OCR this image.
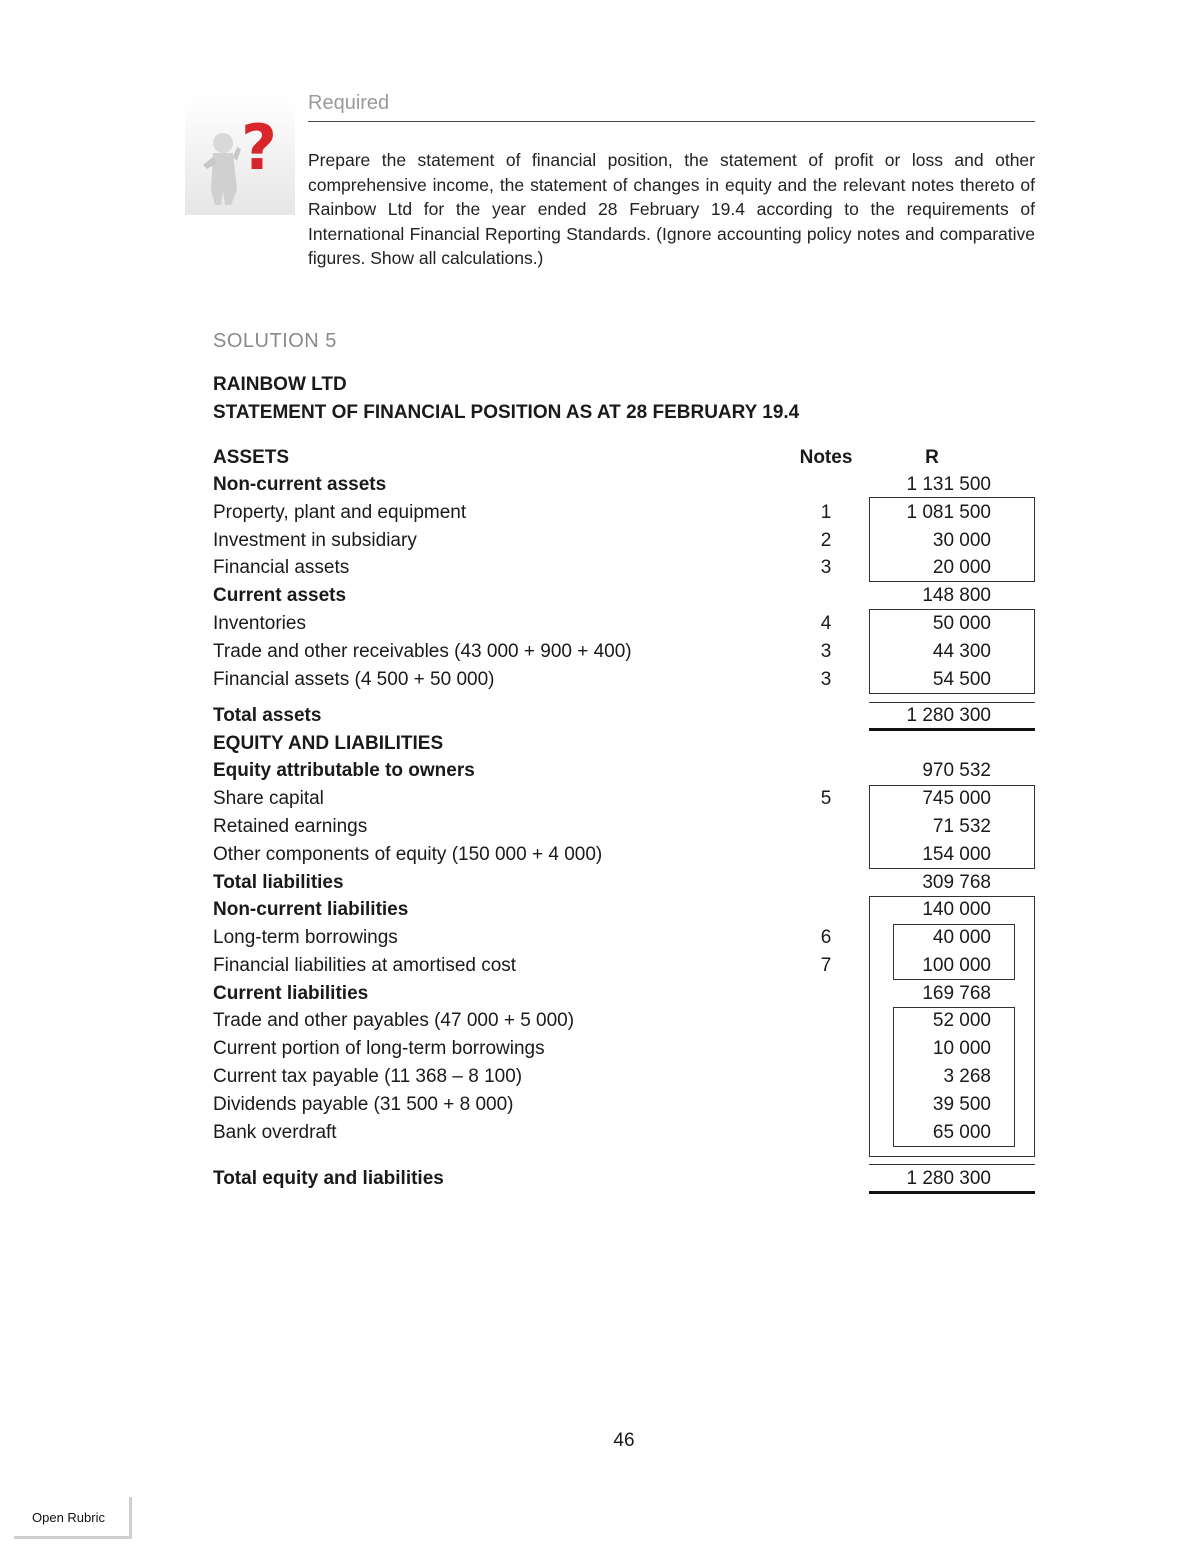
?
Required
Prepare the statement of financial position, the statement of profit or loss and other comprehensive income, the statement of changes in equity and the relevant notes thereto of Rainbow Ltd for the year ended 28 February 19.4 according to the requirements of International Financial Reporting Standards. (Ignore accounting policy notes and comparative figures. Show all calculations.)
SOLUTION 5
RAINBOW LTD
STATEMENT OF FINANCIAL POSITION AS AT 28 FEBRUARY 19.4
ASSETS	Notes	R
Non-current assets	1 131 500
Property, plant and equipment	1	1 081 500
Investment in subsidiary	2	30 000
Financial assets	3	20 000
Current assets	148 800
Inventories	4	50 000
Trade and other receivables (43 000 + 900 + 400)	3	44 300
Financial assets (4 500 + 50 000)	3	54 500
Total assets	1 280 300
EQUITY AND LIABILITIES
Equity attributable to owners	970 532
Share capital	5	745 000
Retained earnings	71 532
Other components of equity (150 000 + 4 000)	154 000
Total liabilities	309 768
Non-current liabilities	140 000
Long-term borrowings	6	40 000
Financial liabilities at amortised cost	7	100 000
Current liabilities	169 768
Trade and other payables (47 000 + 5 000)	52 000
Current portion of long-term borrowings	10 000
Current tax payable (11 368 – 8 100)	3 268
Dividends payable (31 500 + 8 000)	39 500
Bank overdraft	65 000
Total equity and liabilities	1 280 300
46
Open Rubric
